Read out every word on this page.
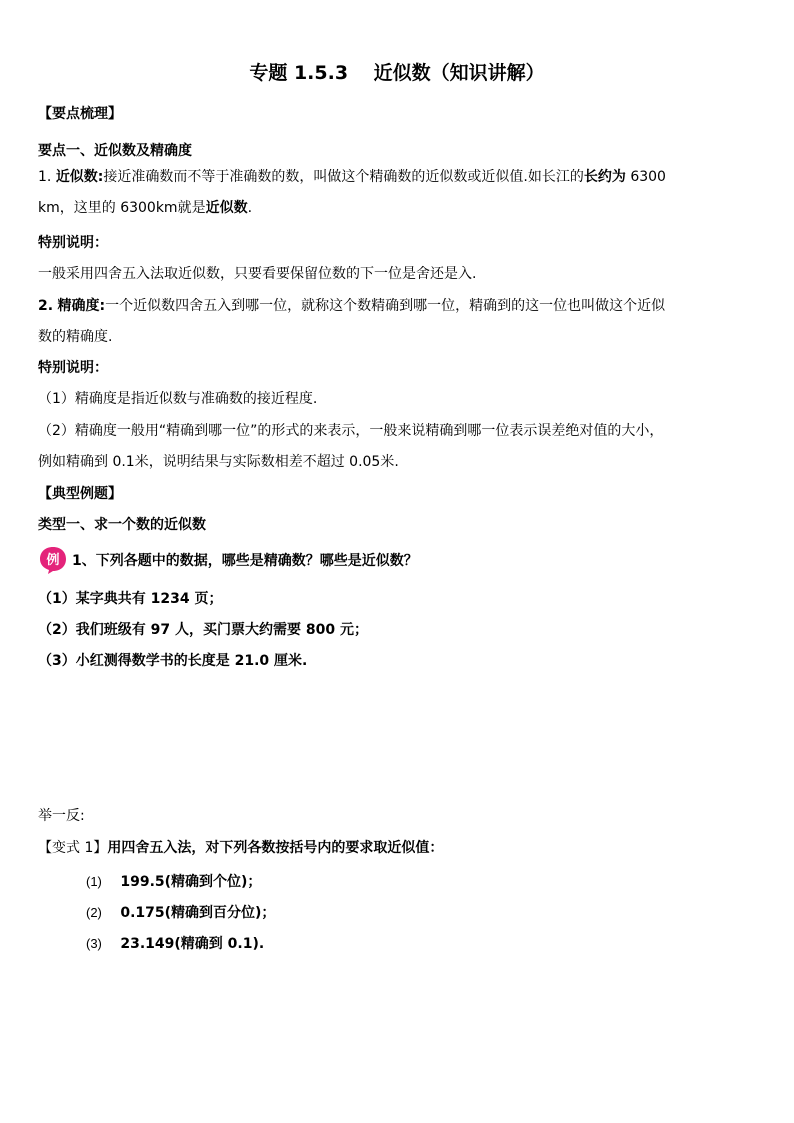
专题 1.5.3　 近似数（知识讲解）
【要点梳理】
要点一、近似数及精确度
1. 近似数:接近准确数而不等于准确数的数，叫做这个精确数的近似数或近似值.如长江的长约为 6300
km，这里的 6300km就是近似数.
特别说明：
一般采用四舍五入法取近似数，只要看要保留位数的下一位是舍还是入.
2. 精确度:一个近似数四舍五入到哪一位，就称这个数精确到哪一位，精确到的这一位也叫做这个近似
数的精确度.
特别说明：
（1）精确度是指近似数与准确数的接近程度.
（2）精确度一般用“精确到哪一位”的形式的来表示，一般来说精确到哪一位表示误差绝对值的大小，
例如精确到 0.1米，说明结果与实际数相差不超过 0.05米.
【典型例题】
类型一、求一个数的近似数
例 1、下列各题中的数据，哪些是精确数？哪些是近似数？
（1）某字典共有 1234 页；
（2）我们班级有 97 人，买门票大约需要 800 元；
（3）小红测得数学书的长度是 21.0 厘米.
举一反:
【变式 1】用四舍五入法，对下列各数按括号内的要求取近似值：
(1) 199.5(精确到个位)；
(2) 0.175(精确到百分位)；
(3) 23.149(精确到 0.1).
